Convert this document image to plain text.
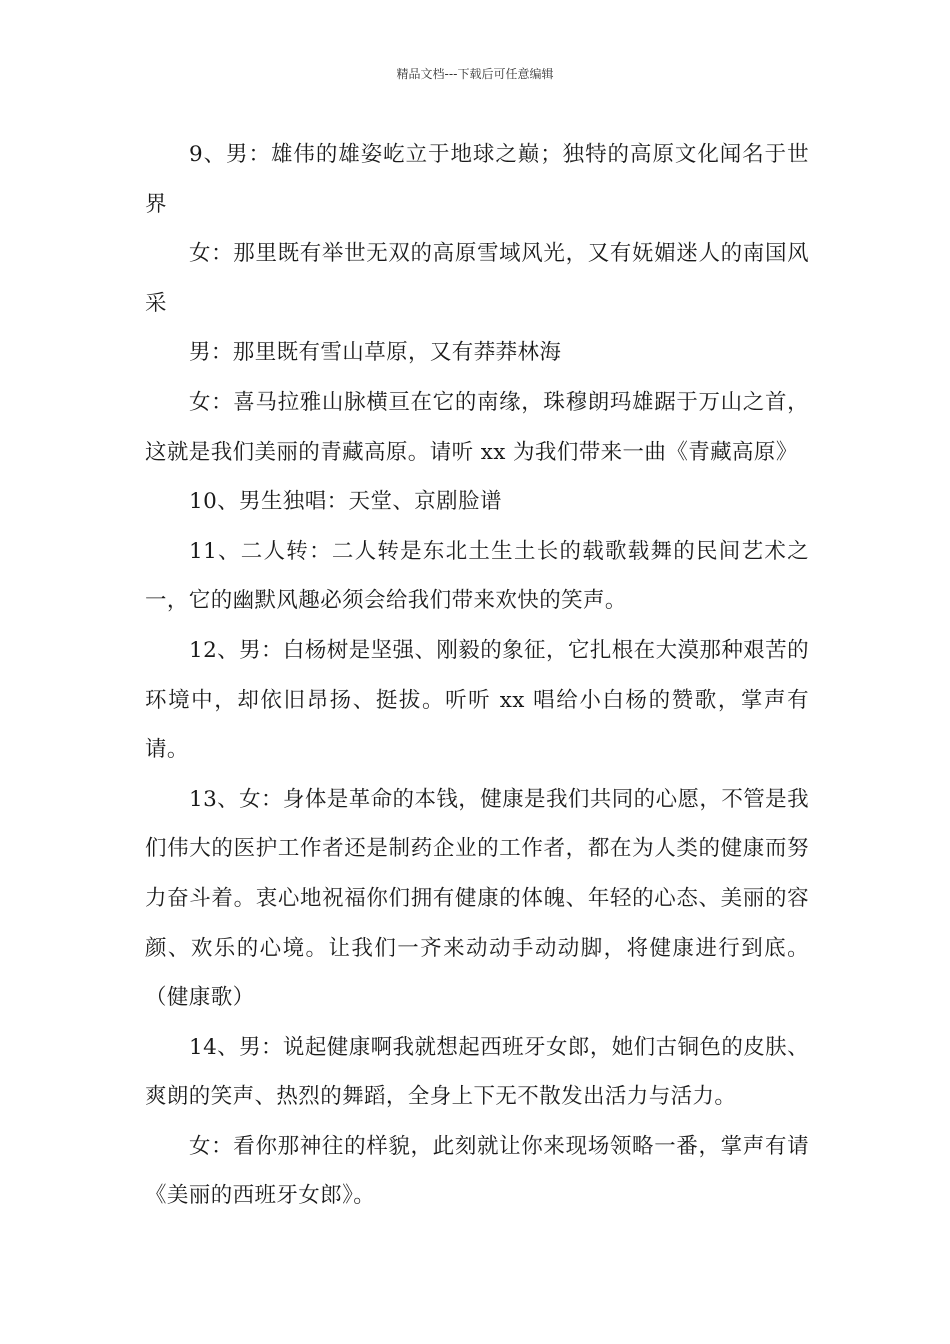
精品文档---下载后可任意编辑

9、男：雄伟的雄姿屹立于地球之巅；独特的高原文化闻名于世界

女：那里既有举世无双的高原雪域风光，又有妩媚迷人的南国风采

男：那里既有雪山草原，又有莽莽林海

女：喜马拉雅山脉横亘在它的南缘，珠穆朗玛雄踞于万山之首，这就是我们美丽的青藏高原。请听 xx 为我们带来一曲《青藏高原》

10、男生独唱：天堂、京剧脸谱

11、二人转：二人转是东北土生土长的载歌载舞的民间艺术之一，它的幽默风趣必须会给我们带来欢快的笑声。

12、男：白杨树是坚强、刚毅的象征，它扎根在大漠那种艰苦的环境中，却依旧昂扬、挺拔。听听 xx 唱给小白杨的赞歌，掌声有请。

13、女：身体是革命的本钱，健康是我们共同的心愿，不管是我们伟大的医护工作者还是制药企业的工作者，都在为人类的健康而努力奋斗着。衷心地祝福你们拥有健康的体魄、年轻的心态、美丽的容颜、欢乐的心境。让我们一齐来动动手动动脚，将健康进行到底。（健康歌）

14、男：说起健康啊我就想起西班牙女郎，她们古铜色的皮肤、爽朗的笑声、热烈的舞蹈，全身上下无不散发出活力与活力。

女：看你那神往的样貌，此刻就让你来现场领略一番，掌声有请《美丽的西班牙女郎》。
